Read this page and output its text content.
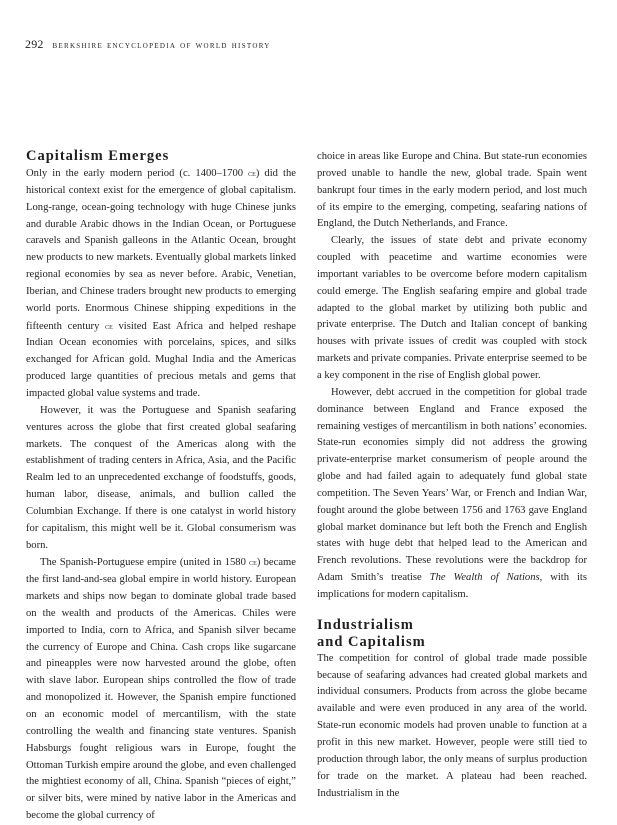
292 berkshire encyclopedia of world history
Capitalism Emerges

Only in the early modern period (c. 1400–1700 ce) did the historical context exist for the emergence of global capitalism. Long-range, ocean-going technology with huge Chinese junks and durable Arabic dhows in the Indian Ocean, or Portuguese caravels and Spanish galleons in the Atlantic Ocean, brought new products to new markets. Eventually global markets linked regional economies by sea as never before. Arabic, Venetian, Iberian, and Chinese traders brought new products to emerging world ports. Enormous Chinese shipping expeditions in the fifteenth century ce visited East Africa and helped reshape Indian Ocean economies with porcelains, spices, and silks exchanged for African gold. Mughal India and the Americas produced large quantities of precious metals and gems that impacted global value systems and trade.

However, it was the Portuguese and Spanish seafaring ventures across the globe that first created global seafaring markets. The conquest of the Americas along with the establishment of trading centers in Africa, Asia, and the Pacific Realm led to an unprecedented exchange of foodstuffs, goods, human labor, disease, animals, and bullion called the Columbian Exchange. If there is one catalyst in world history for capitalism, this might well be it. Global consumerism was born.

The Spanish-Portuguese empire (united in 1580 ce) became the first land-and-sea global empire in world history. European markets and ships now began to dominate global trade based on the wealth and products of the Americas. Chiles were imported to India, corn to Africa, and Spanish silver became the currency of Europe and China. Cash crops like sugarcane and pineapples were now harvested around the globe, often with slave labor. European ships controlled the flow of trade and monopolized it. However, the Spanish empire functioned on an economic model of mercantilism, with the state controlling the wealth and financing state ventures. Spanish Habsburgs fought religious wars in Europe, fought the Ottoman Turkish empire around the globe, and even challenged the mightiest economy of all, China. Spanish “pieces of eight,” or silver bits, were mined by native labor in the Americas and become the global currency of

choice in areas like Europe and China. But state-run economies proved unable to handle the new, global trade. Spain went bankrupt four times in the early modern period, and lost much of its empire to the emerging, competing, seafaring nations of England, the Dutch Netherlands, and France.

Clearly, the issues of state debt and private economy coupled with peacetime and wartime economies were important variables to be overcome before modern capitalism could emerge. The English seafaring empire and global trade adapted to the global market by utilizing both public and private enterprise. The Dutch and Italian concept of banking houses with private issues of credit was coupled with stock markets and private companies. Private enterprise seemed to be a key component in the rise of English global power.

However, debt accrued in the competition for global trade dominance between England and France exposed the remaining vestiges of mercantilism in both nations’ economies. State-run economies simply did not address the growing private-enterprise market consumerism of people around the globe and had failed again to adequately fund global state competition. The Seven Years’ War, or French and Indian War, fought around the globe between 1756 and 1763 gave England global market dominance but left both the French and English states with huge debt that helped lead to the American and French revolutions. These revolutions were the backdrop for Adam Smith’s treatise The Wealth of Nations, with its implications for modern capitalism.

Industrialism
and Capitalism

The competition for control of global trade made possible because of seafaring advances had created global markets and individual consumers. Products from across the globe became available and were even produced in any area of the world. State-run economic models had proven unable to function at a profit in this new market. However, people were still tied to production through labor, the only means of surplus production for trade on the market. A plateau had been reached. Industrialism in the
